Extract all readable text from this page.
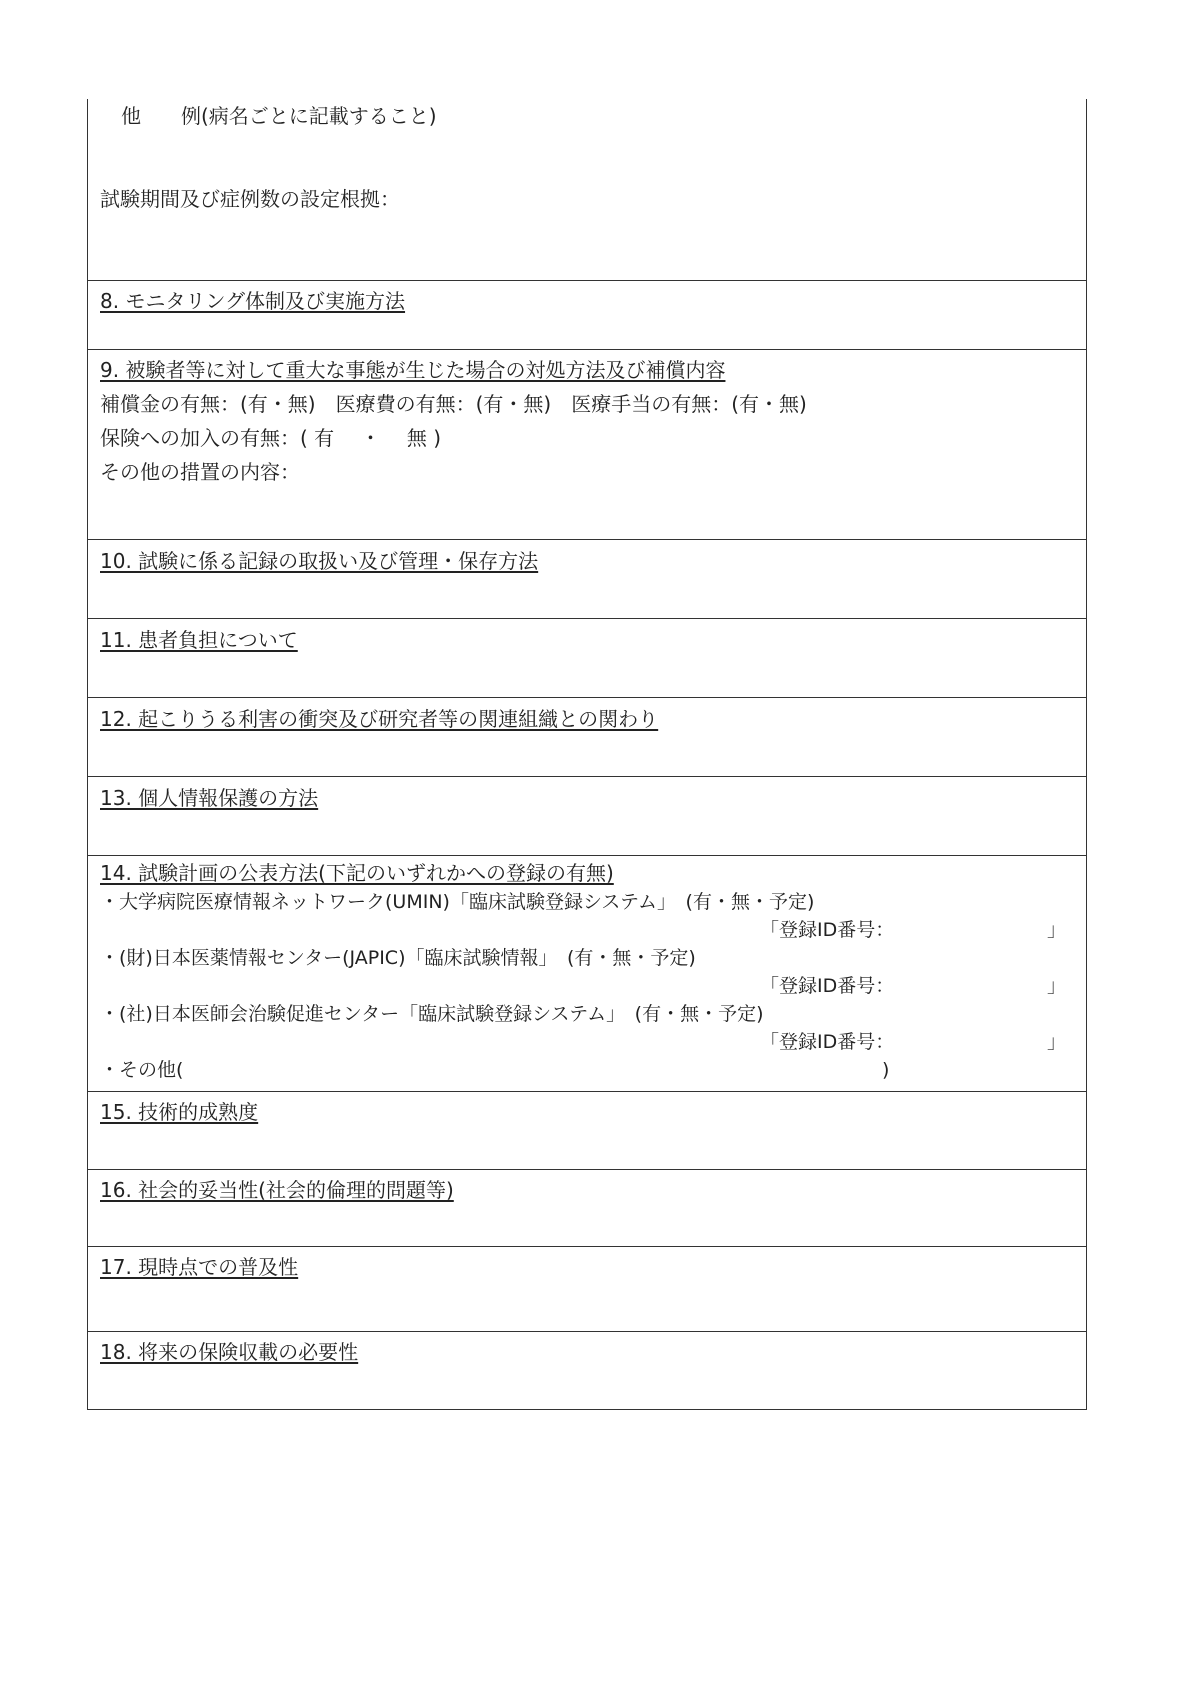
他　　例(病名ごとに記載すること)
試験期間及び症例数の設定根拠：
8. モニタリング体制及び実施方法
9. 被験者等に対して重大な事態が生じた場合の対処方法及び補償内容
補償金の有無：(有・無)　医療費の有無：(有・無)　医療手当の有無：(有・無)
保険への加入の有無：( 有　 ・　 無 )
その他の措置の内容：
10. 試験に係る記録の取扱い及び管理・保存方法
11. 患者負担について
12. 起こりうる利害の衝突及び研究者等の関連組織との関わり
13. 個人情報保護の方法
14. 試験計画の公表方法(下記のいずれかへの登録の有無)
・大学病院医療情報ネットワーク(UMIN)「臨床試験登録システム」　(有・無・予定)
「登録ID番号：	」
・(財)日本医薬情報センター(JAPIC)「臨床試験情報」　(有・無・予定)
「登録ID番号：	」
・(社)日本医師会治験促進センター「臨床試験登録システム」　(有・無・予定)
「登録ID番号：	」
・その他(	)
15. 技術的成熟度
16. 社会的妥当性(社会的倫理的問題等)
17. 現時点での普及性
18. 将来の保険収載の必要性
